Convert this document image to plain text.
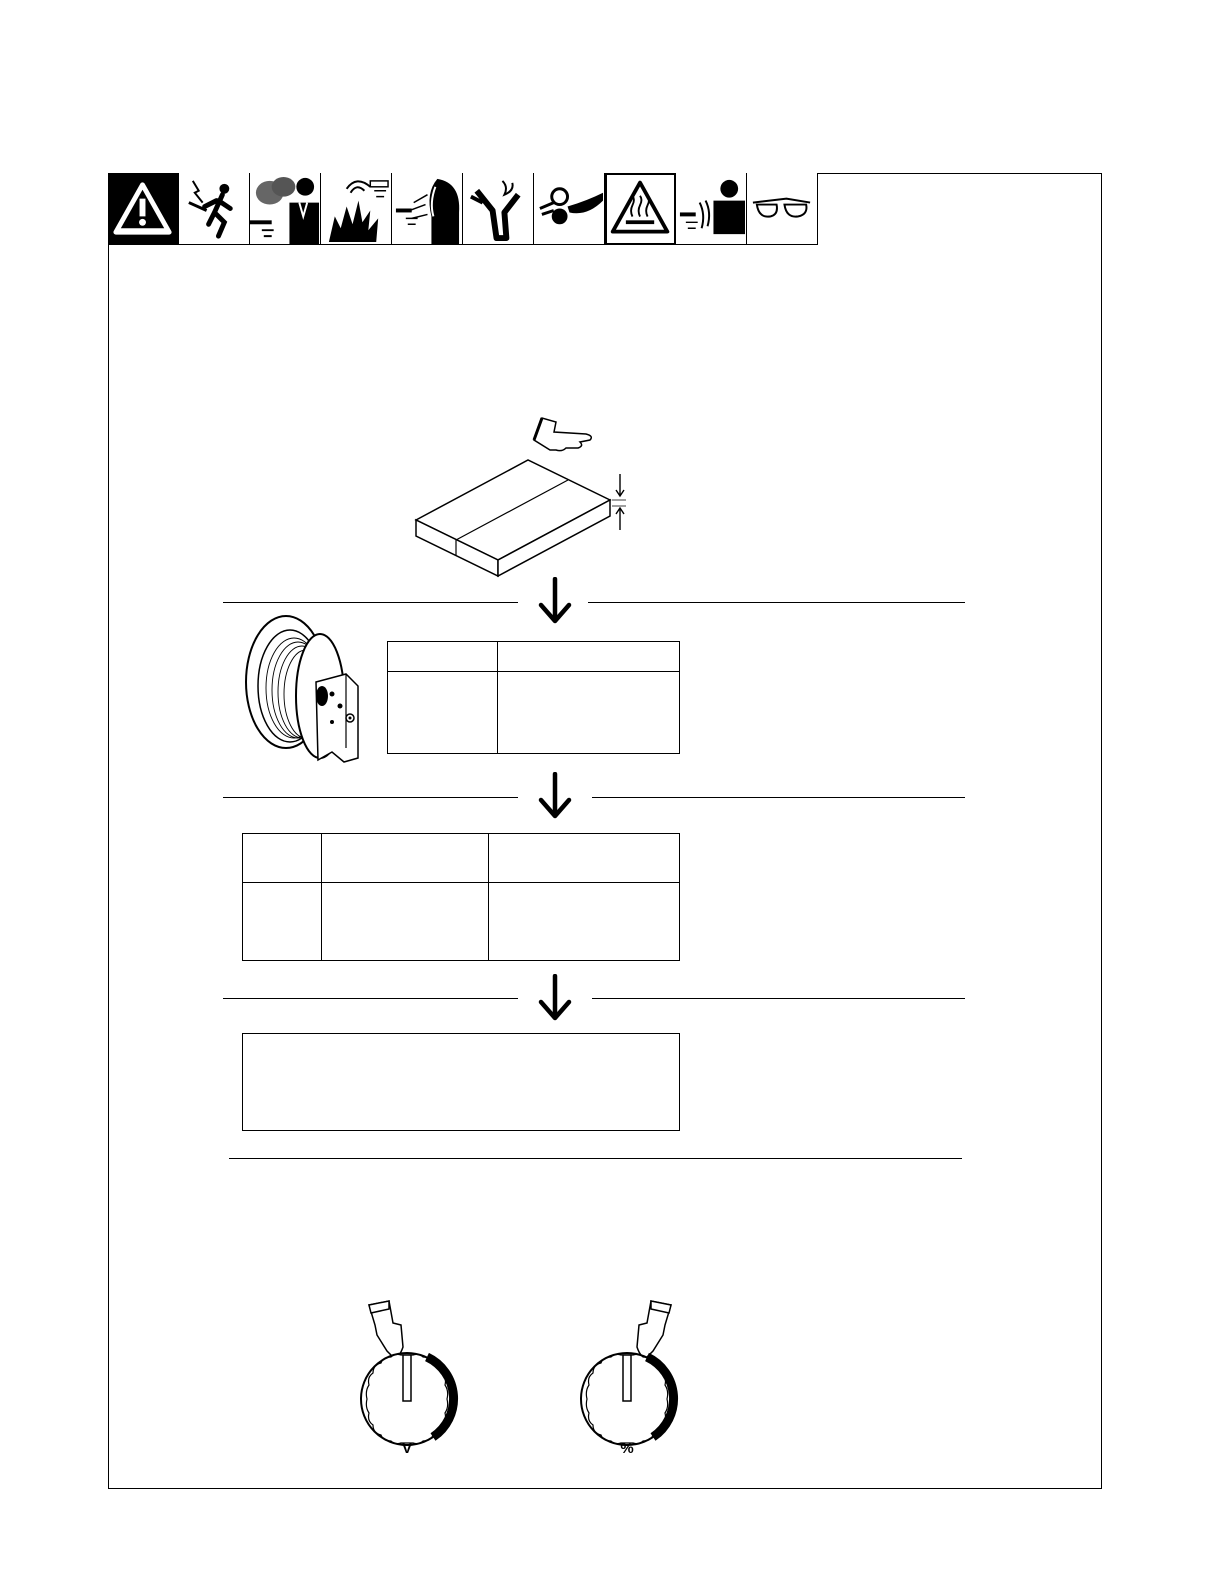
V	%
